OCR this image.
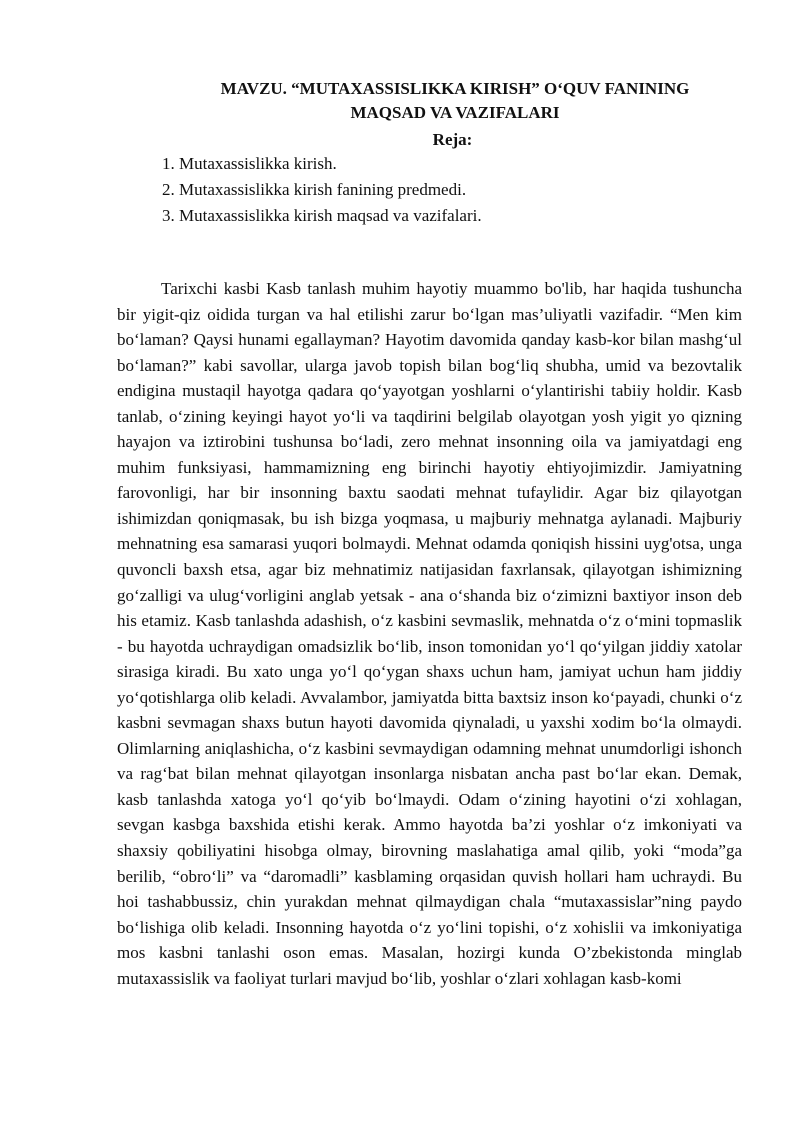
MAVZU. “MUTAXASSISLIKKA KIRISH” O‘QUV FANINING
MAQSAD VA VAZIFALARI
Reja:
1. Mutaxassislikka kirish.
2. Mutaxassislikka kirish fanining predmedi.
3. Mutaxassislikka kirish maqsad va vazifalari.

Tarixchi kasbi Kasb tanlash muhim hayotiy muammo bo'lib, har haqida tushuncha bir yigit-qiz oidida turgan va hal etilishi zarur bo‘lgan mas’uliyatli vazifadir. “Men kim bo‘laman? Qaysi hunami egallayman? Hayotim davomida qanday kasb-kor bilan mashg‘ul bo‘laman?” kabi savollar, ularga javob topish bilan bog‘liq shubha, umid va bezovtalik endigina mustaqil hayotga qadara qo‘yayotgan yoshlarni o‘ylantirishi tabiiy holdir. Kasb tanlab, o‘zining keyingi hayot yo‘li va taqdirini belgilab olayotgan yosh yigit yo qizning hayajon va iztirobini tushunsa bo‘ladi, zero mehnat insonning oila va jamiyatdagi eng muhim funksiyasi, hammamizning eng birinchi hayotiy ehtiyojimizdir. Jamiyatning farovonligi, har bir insonning baxtu saodati mehnat tufaylidir. Agar biz qilayotgan ishimizdan qoniqmasak, bu ish bizga yoqmasa, u majburiy mehnatga aylanadi. Majburiy mehnatning esa samarasi yuqori bolmaydi. Mehnat odamda qoniqish hissini uyg'otsa, unga quvoncli baxsh etsa, agar biz mehnatimiz natijasidan faxrlansak, qilayotgan ishimizning go‘zalligi va ulug‘vorligini anglab yetsak - ana o‘shanda biz o‘zimizni baxtiyor inson deb his etamiz. Kasb tanlashda adashish, o‘z kasbini sevmaslik, mehnatda o‘z o‘mini topmaslik - bu hayotda uchraydigan omadsizlik bo‘lib, inson tomonidan yo‘l qo‘yilgan jiddiy xatolar sirasiga kiradi. Bu xato unga yo‘l qo‘ygan shaxs uchun ham, jamiyat uchun ham jiddiy yo‘qotishlarga olib keladi. Avvalambor, jamiyatda bitta baxtsiz inson ko‘payadi, chunki o‘z kasbni sevmagan shaxs butun hayoti davomida qiynaladi, u yaxshi xodim bo‘la olmaydi. Olimlarning aniqlashicha, o‘z kasbini sevmaydigan odamning mehnat unumdorligi ishonch va rag‘bat bilan mehnat qilayotgan insonlarga nisbatan ancha past bo‘lar ekan. Demak, kasb tanlashda xatoga yo‘l qo‘yib bo‘lmaydi. Odam o‘zining hayotini o‘zi xohlagan, sevgan kasbga baxshida etishi kerak. Ammo hayotda ba’zi yoshlar o‘z imkoniyati va shaxsiy qobiliyatini hisobga olmay, birovning maslahatiga amal qilib, yoki “moda”ga berilib, “obro‘li” va “daromadli” kasblaming orqasidan quvish hollari ham uchraydi. Bu hoi tashabbussiz, chin yurakdan mehnat qilmaydigan chala “mutaxassislar”ning paydo bo‘lishiga olib keladi. Insonning hayotda o‘z yo‘lini topishi, o‘z xohislii va imkoniyatiga mos kasbni tanlashi oson emas. Masalan, hozirgi kunda O’zbekistonda minglab mutaxassislik va faoliyat turlari mavjud bo‘lib, yoshlar o‘zlari xohlagan kasb-komi
